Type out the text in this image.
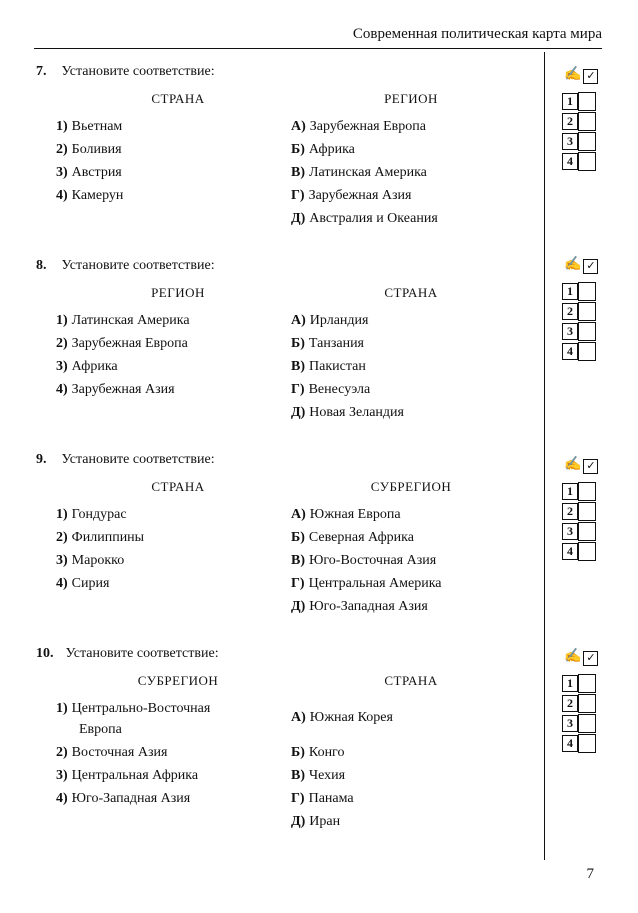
Современная политическая карта мира
7. Установите соответствие:
СТРАНА	РЕГИОН
1) Вьетнам
2) Боливия
3) Австрия
4) Камерун
А) Зарубежная Европа
Б) Африка
В) Латинская Америка
Г) Зарубежная Азия
Д) Австралия и Океания
✍ ✓
1
2
3
4
8. Установите соответствие:
РЕГИОН	СТРАНА
1) Латинская Америка
2) Зарубежная Европа
3) Африка
4) Зарубежная Азия
А) Ирландия
Б) Танзания
В) Пакистан
Г) Венесуэла
Д) Новая Зеландия
✍ ✓
1
2
3
4
9. Установите соответствие:
СТРАНА	СУБРЕГИОН
1) Гондурас
2) Филиппины
3) Марокко
4) Сирия
А) Южная Европа
Б) Северная Африка
В) Юго-Восточная Азия
Г) Центральная Америка
Д) Юго-Западная Азия
✍ ✓
1
2
3
4
10. Установите соответствие:
СУБРЕГИОН	СТРАНА
1) Центрально-Восточная
Европа
2) Восточная Азия
3) Центральная Африка
4) Юго-Западная Азия
А) Южная Корея
Б) Конго
В) Чехия
Г) Панама
Д) Иран
✍ ✓
1
2
3
4
7
